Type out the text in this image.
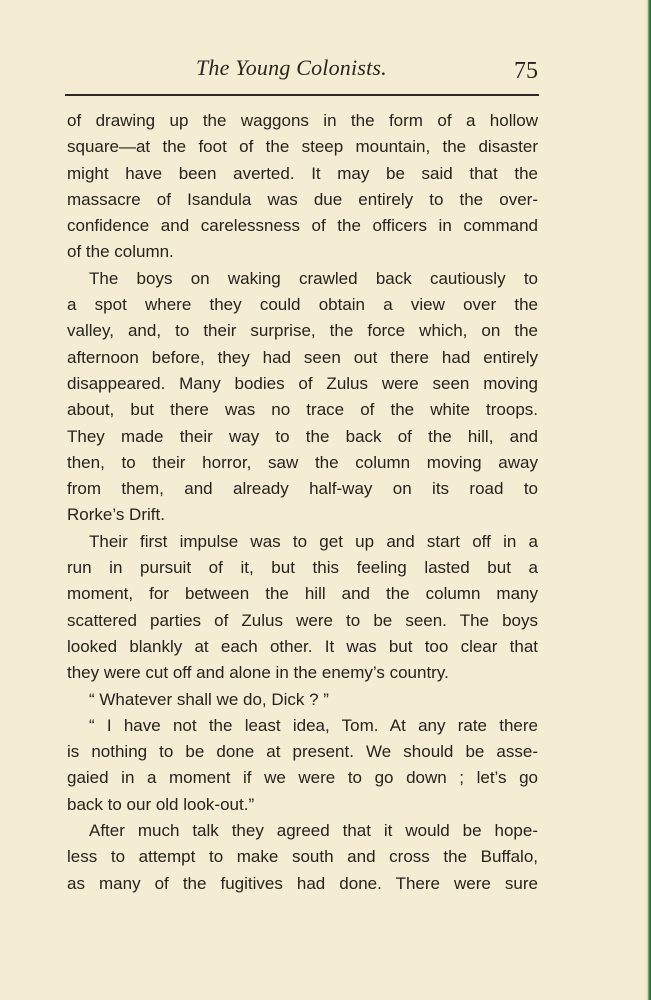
The Young Colonists.	75
of drawing up the waggons in the form of a hollow
square—at the foot of the steep mountain, the disaster
might have been averted. It may be said that the
massacre of Isandula was due entirely to the over-
confidence and carelessness of the officers in command
of the column.
The boys on waking crawled back cautiously to
a spot where they could obtain a view over the
valley, and, to their surprise, the force which, on the
afternoon before, they had seen out there had entirely
disappeared. Many bodies of Zulus were seen moving
about, but there was no trace of the white troops.
They made their way to the back of the hill, and
then, to their horror, saw the column moving away
from them, and already half-way on its road to
Rorke’s Drift.
Their first impulse was to get up and start off in a
run in pursuit of it, but this feeling lasted but a
moment, for between the hill and the column many
scattered parties of Zulus were to be seen. The boys
looked blankly at each other. It was but too clear that
they were cut off and alone in the enemy’s country.
“ Whatever shall we do, Dick ? ”
“ I have not the least idea, Tom. At any rate there
is nothing to be done at present. We should be asse-
gaied in a moment if we were to go down ; let’s go
back to our old look-out.”
After much talk they agreed that it would be hope-
less to attempt to make south and cross the Buffalo,
as many of the fugitives had done. There were sure
